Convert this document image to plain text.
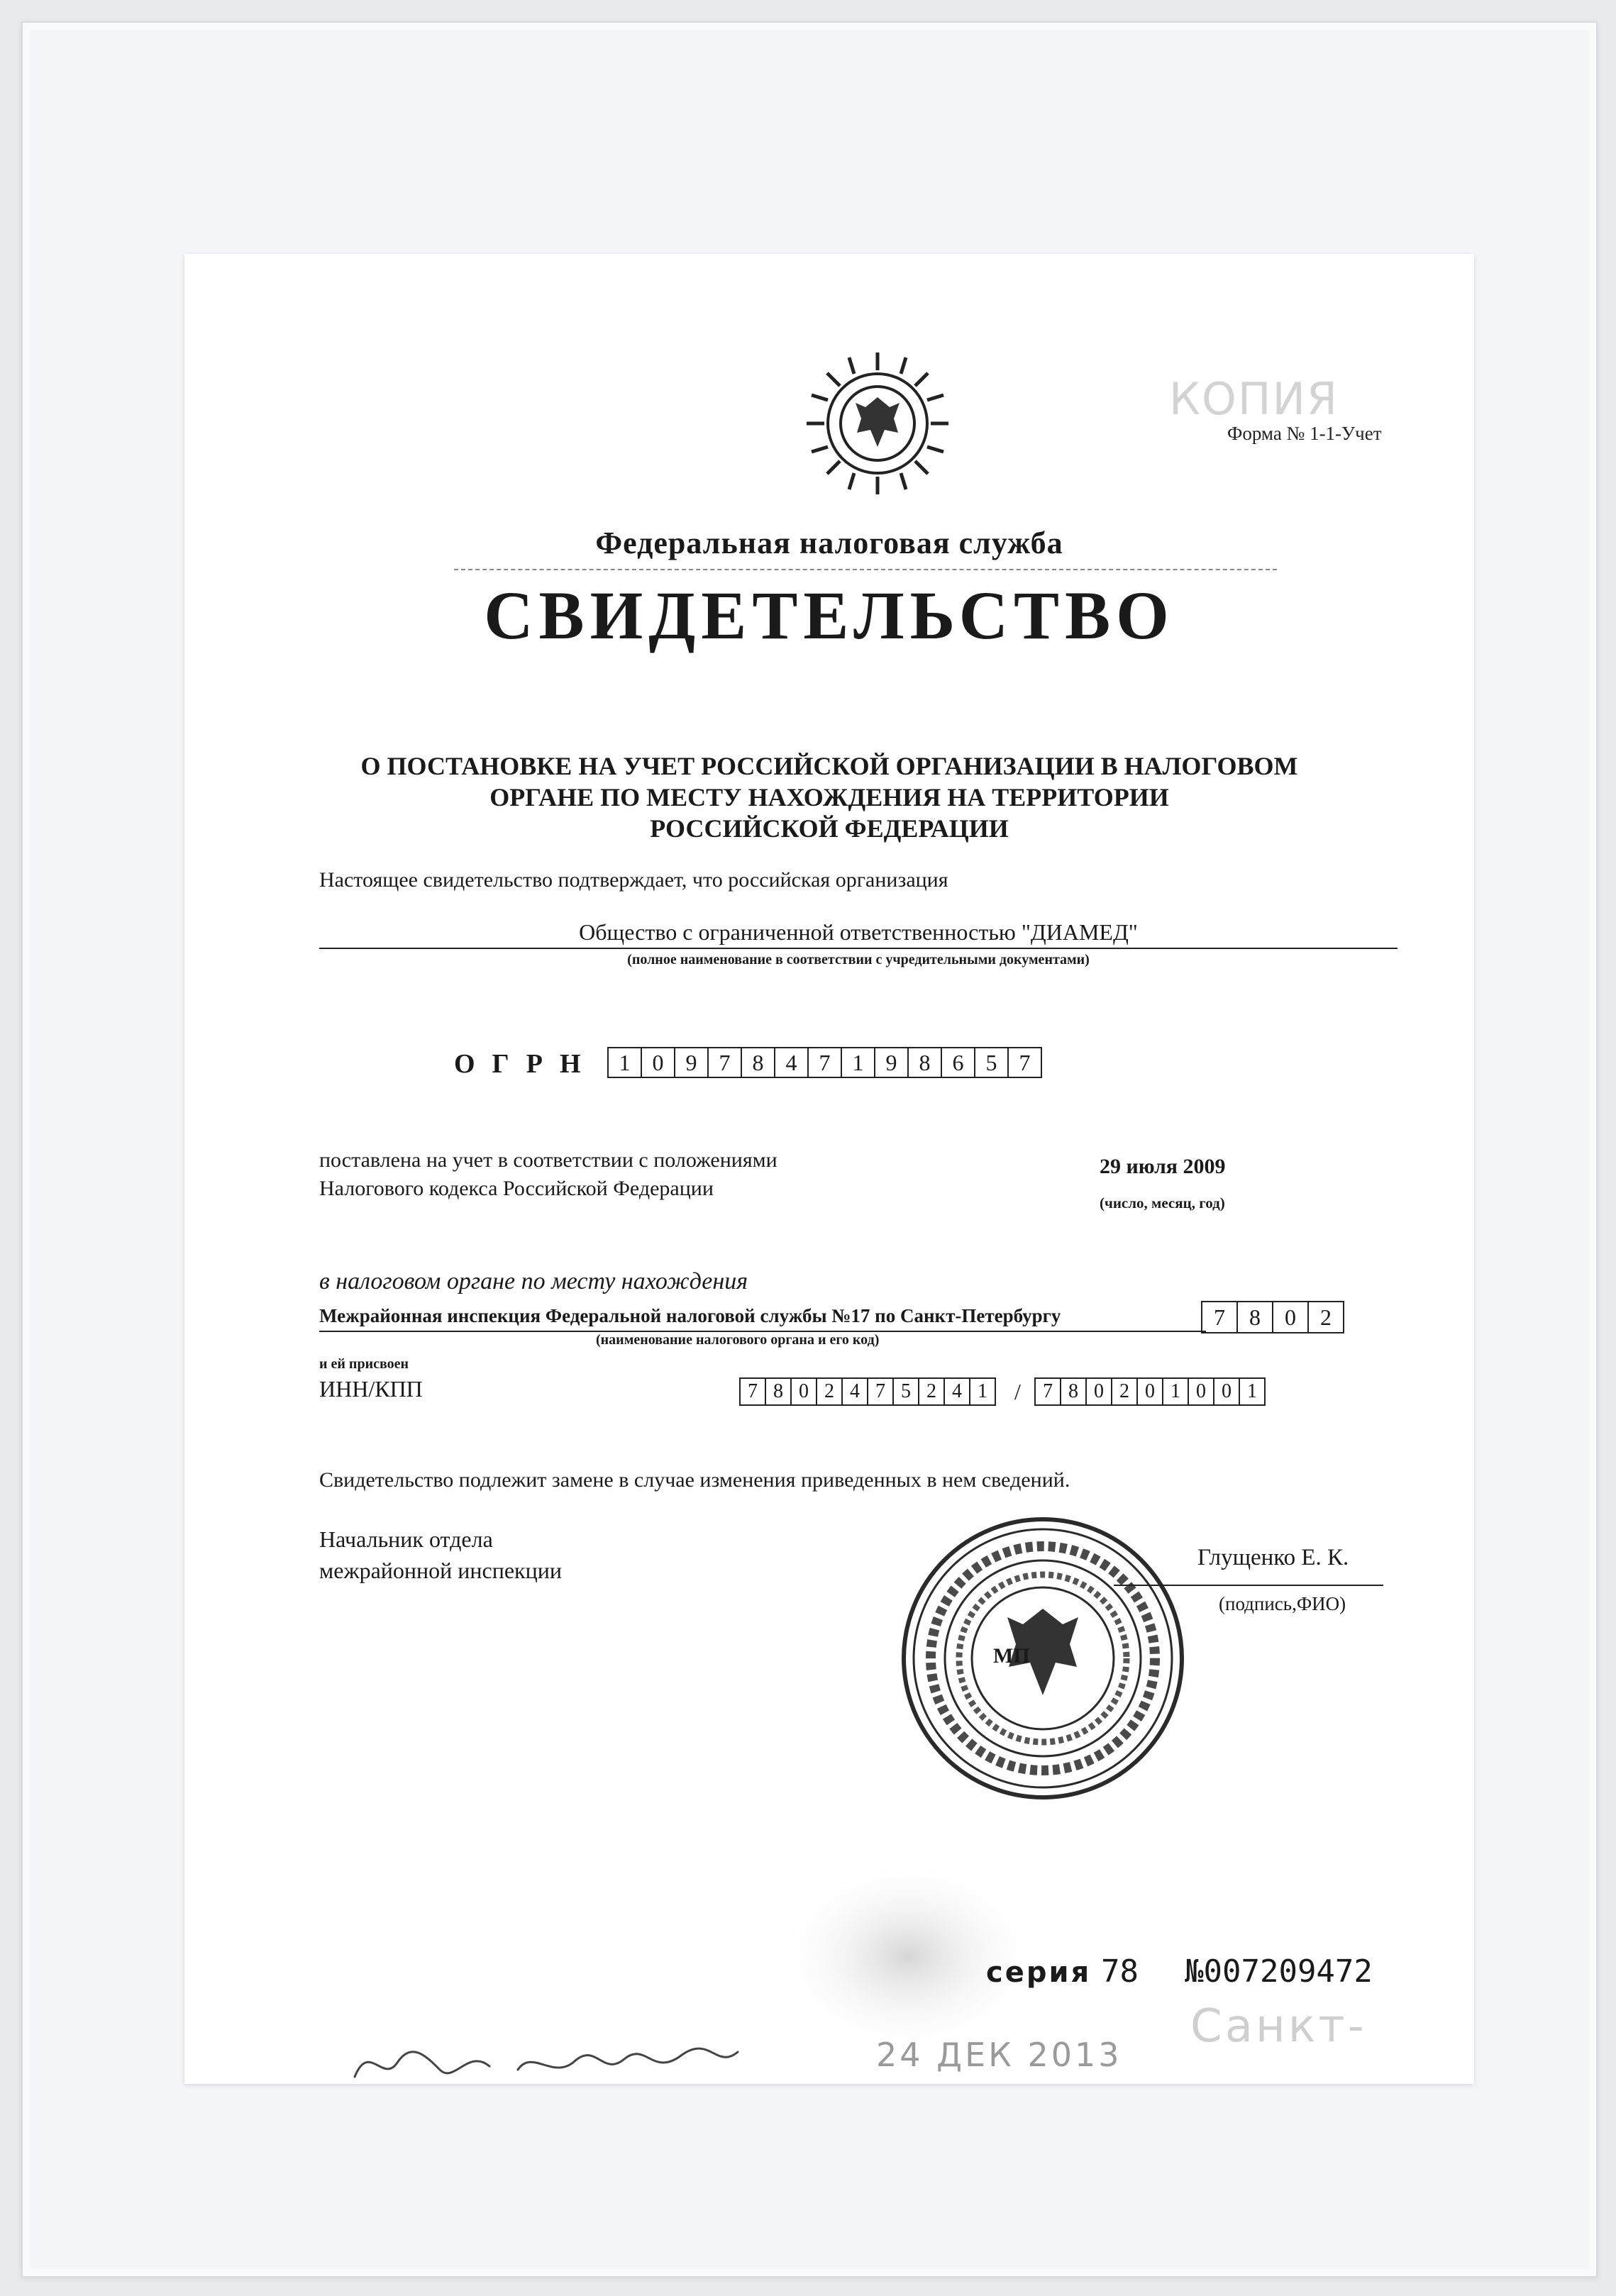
КОПИЯ
Форма № 1-1-Учет
Федеральная налоговая служба
СВИДЕТЕЛЬСТВО
О ПОСТАНОВКЕ НА УЧЕТ РОССИЙСКОЙ ОРГАНИЗАЦИИ В НАЛОГОВОМ
ОРГАНЕ ПО МЕСТУ НАХОЖДЕНИЯ НА ТЕРРИТОРИИ
РОССИЙСКОЙ ФЕДЕРАЦИИ
Настоящее свидетельство подтверждает, что российская организация
Общество с ограниченной ответственностью "ДИАМЕД"
(полное наименование в соответствии с учредительными документами)
ОГРН 1 0 9 7 8 4 7 1 9 8 6 5 7
поставлена на учет в соответствии с положениями
Налогового кодекса Российской Федерации
29 июля 2009
(число, месяц, год)
в налоговом органе по месту нахождения
Межрайонная инспекция Федеральной налоговой службы №17 по Санкт-Петербургу
(наименование налогового органа и его код)
7	8	0	2
и ей присвоен
ИНН/КПП	7 8 0 2 4 7 5 2 4 1	/	7 8 0 2 0 1 0 0 1
Свидетельство подлежит замене в случае изменения приведенных в нем сведений.
Начальник отдела
межрайонной инспекции
МП
Глущенко Е. К.
(подпись,ФИО)
серия 78 №007209472
24 ДЕК 2013
Санкт-
